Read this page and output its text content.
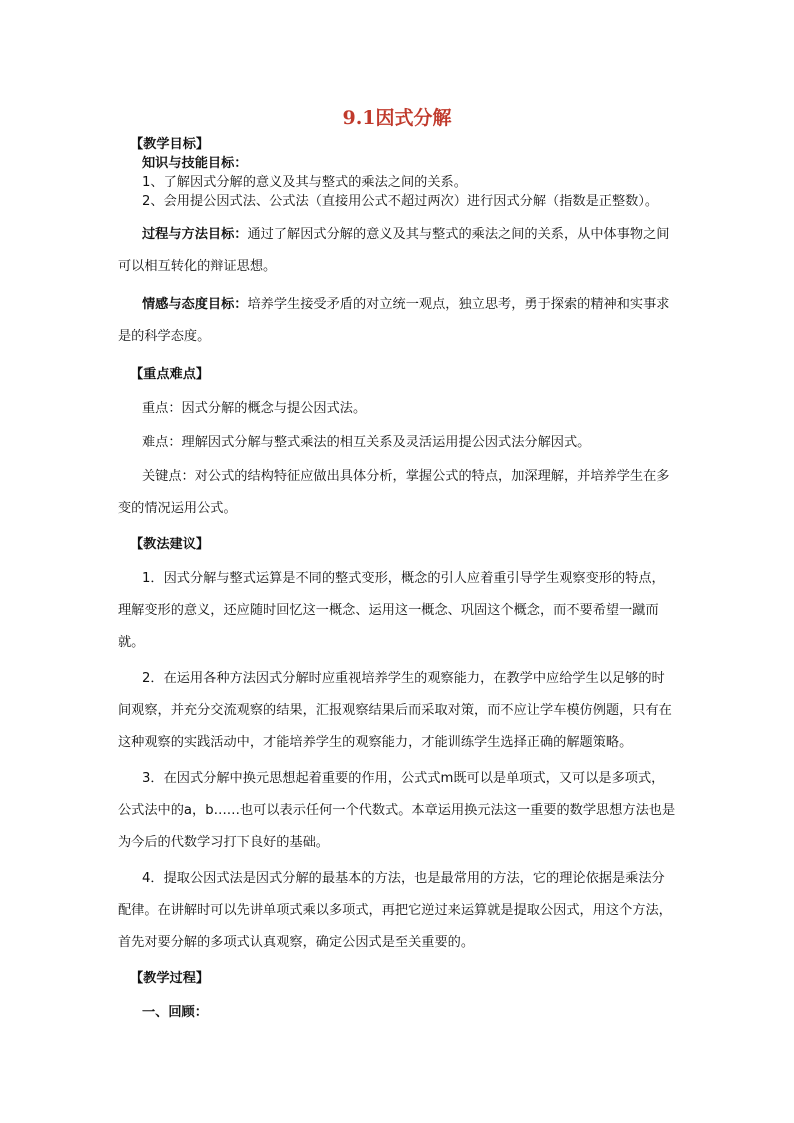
9.1因式分解

【教学目标】

知识与技能目标：

1、了解因式分解的意义及其与整式的乘法之间的关系。

2、会用提公因式法、公式法（直接用公式不超过两次）进行因式分解（指数是正整数）。

过程与方法目标：通过了解因式分解的意义及其与整式的乘法之间的关系，从中体事物之间可以相互转化的辩证思想。

情感与态度目标：培养学生接受矛盾的对立统一观点，独立思考，勇于探索的精神和实事求是的科学态度。

【重点难点】

重点：因式分解的概念与提公因式法。

难点：理解因式分解与整式乘法的相互关系及灵活运用提公因式法分解因式。

关键点：对公式的结构特征应做出具体分析，掌握公式的特点，加深理解，并培养学生在多变的情况运用公式。

【教法建议】

1．因式分解与整式运算是不同的整式变形，概念的引人应着重引导学生观察变形的特点，理解变形的意义，还应随时回忆这一概念、运用这一概念、巩固这个概念，而不要希望一蹴而就。

2．在运用各种方法因式分解时应重视培养学生的观察能力，在教学中应给学生以足够的时间观察，并充分交流观察的结果，汇报观察结果后而采取对策，而不应让学车模仿例题，只有在这种观察的实践活动中，才能培养学生的观察能力，才能训练学生选择正确的解题策略。

3．在因式分解中换元思想起着重要的作用，公式式m既可以是单项式，又可以是多项式，公式法中的a，b……也可以表示任何一个代数式。本章运用换元法这一重要的数学思想方法也是为今后的代数学习打下良好的基础。

4．提取公因式法是因式分解的最基本的方法，也是最常用的方法，它的理论依据是乘法分配律。在讲解时可以先讲单项式乘以多项式，再把它逆过来运算就是提取公因式，用这个方法，首先对要分解的多项式认真观察，确定公因式是至关重要的。

【教学过程】

一、回顾：
